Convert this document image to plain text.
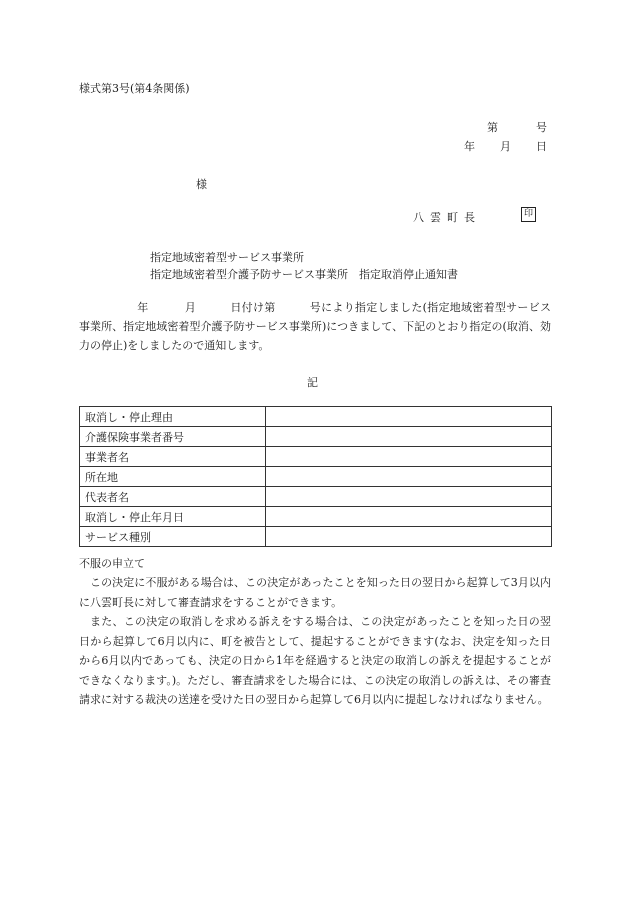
様式第3号(第4条関係)
第	号
年 月 日
様
八雲町長	印
指定地域密着型サービス事業所
指定地域密着型介護予防サービス事業所　指定取消停止通知書
年	月	日付け第	号により指定しました(指定地域密着型サービス事業所、指定地域密着型介護予防サービス事業所)につきまして、下記のとおり指定の(取消、効力の停止)をしましたので通知します。
記
取消し・停止理由	
介護保険事業者番号	
事業者名	
所在地	
代表者名	
取消し・停止年月日	
サービス種別	
不服の申立て
この決定に不服がある場合は、この決定があったことを知った日の翌日から起算して3月以内に八雲町長に対して審査請求をすることができます。
また、この決定の取消しを求める訴えをする場合は、この決定があったことを知った日の翌日から起算して6月以内に、町を被告として、提起することができます(なお、決定を知った日から6月以内であっても、決定の日から1年を経過すると決定の取消しの訴えを提起することができなくなります。)。ただし、審査請求をした場合には、この決定の取消しの訴えは、その審査請求に対する裁決の送達を受けた日の翌日から起算して6月以内に提起しなければなりません。
